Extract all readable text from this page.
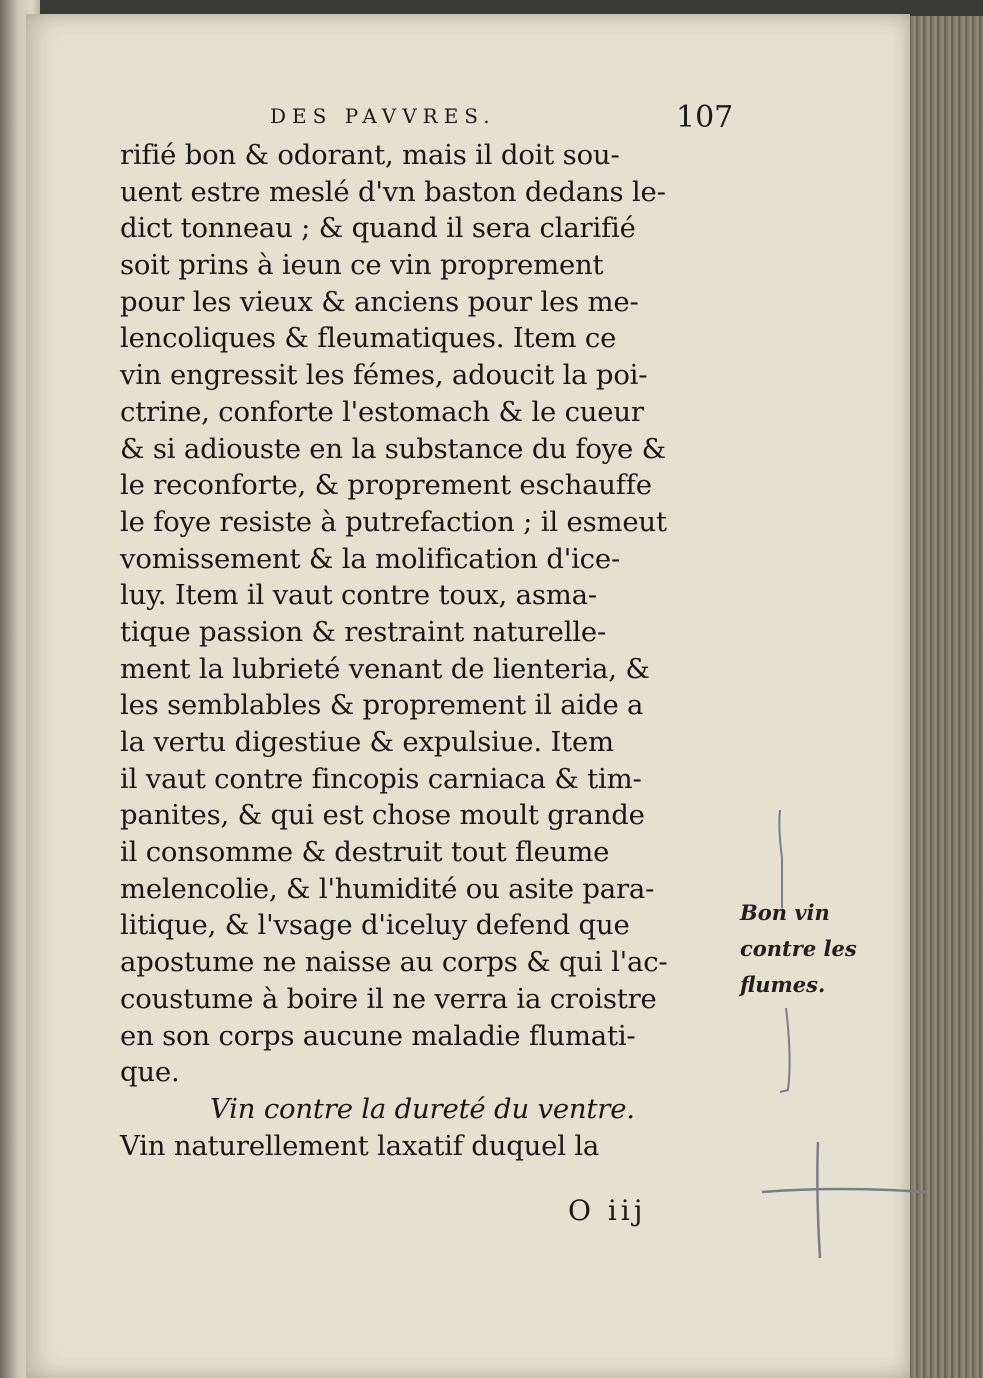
DES PAVVRES.	107
rifié bon & odorant, mais il doit sou-
uent estre meslé d'vn baston dedans le-
dict tonneau ; & quand il sera clarifié
soit prins à ieun ce vin proprement
pour les vieux & anciens pour les me-
lencoliques & fleumatiques. Item ce
vin engressit les fémes, adoucit la poi-
ctrine, conforte l'estomach & le cueur
& si adiouste en la substance du foye &
le reconforte, & proprement eschauffe
le foye resiste à putrefaction ; il esmeut
vomissement & la molification d'ice-
luy. Item il vaut contre toux, asma-
tique passion & restraint naturelle-
ment la lubrieté venant de lienteria, &
les semblables & proprement il aide a
la vertu digestiue & expulsiue. Item
il vaut contre fincopis carniaca & tim-
panites, & qui est chose moult grande
il consomme & destruit tout fleume
melencolie, & l'humidité ou asite para-
litique, & l'vsage d'iceluy defend que
apostume ne naisse au corps & qui l'ac-
coustume à boire il ne verra ia croistre
en son corps aucune maladie flumati-
que.
Vin contre la dureté du ventre.
Vin naturellement laxatif duquel la
Bon vin
contre les
flumes.
O iij
